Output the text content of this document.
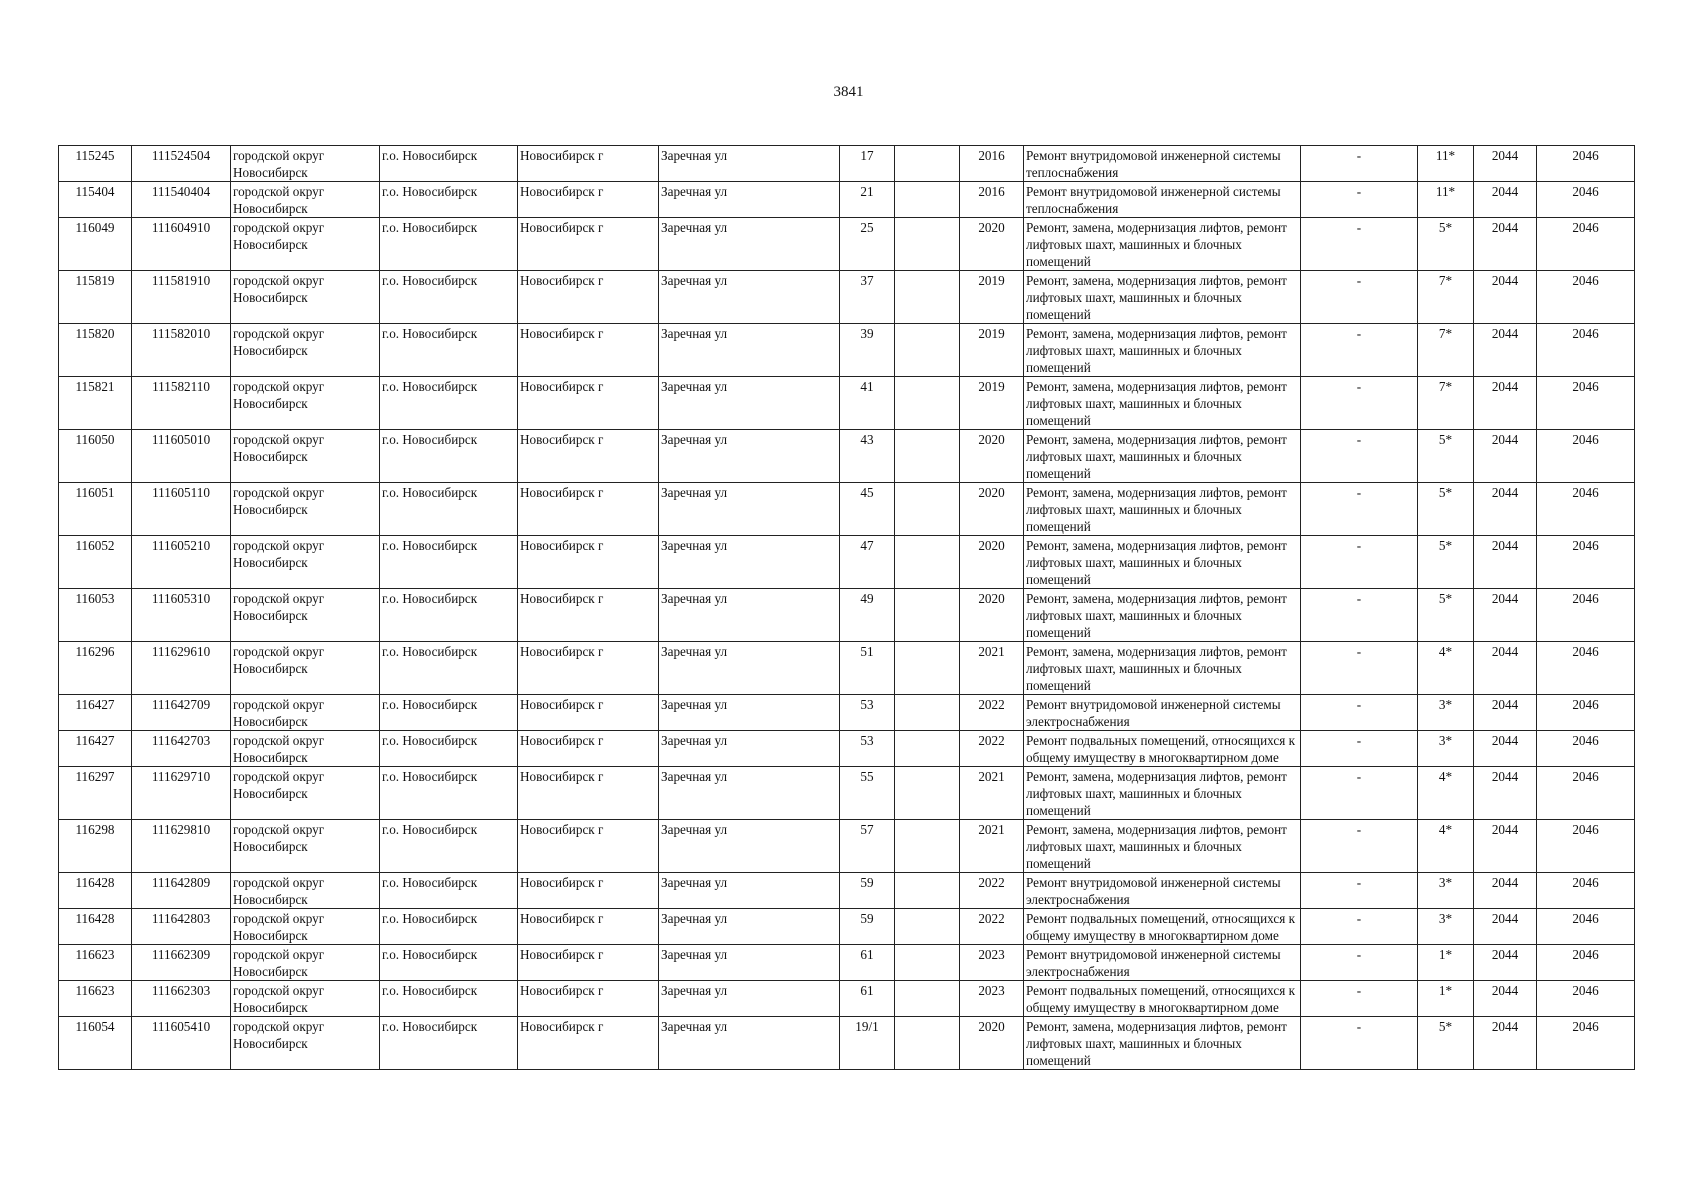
3841
115245	111524504	городской округ Новосибирск	г.о. Новосибирск	Новосибирск г	Заречная ул	17		2016	Ремонт внутридомовой инженерной системы теплоснабжения	-	11*	2044	2046
115404	111540404	городской округ Новосибирск	г.о. Новосибирск	Новосибирск г	Заречная ул	21		2016	Ремонт внутридомовой инженерной системы теплоснабжения	-	11*	2044	2046
116049	111604910	городской округ Новосибирск	г.о. Новосибирск	Новосибирск г	Заречная ул	25		2020	Ремонт, замена, модернизация лифтов, ремонт лифтовых шахт, машинных и блочных помещений	-	5*	2044	2046
115819	111581910	городской округ Новосибирск	г.о. Новосибирск	Новосибирск г	Заречная ул	37		2019	Ремонт, замена, модернизация лифтов, ремонт лифтовых шахт, машинных и блочных помещений	-	7*	2044	2046
115820	111582010	городской округ Новосибирск	г.о. Новосибирск	Новосибирск г	Заречная ул	39		2019	Ремонт, замена, модернизация лифтов, ремонт лифтовых шахт, машинных и блочных помещений	-	7*	2044	2046
115821	111582110	городской округ Новосибирск	г.о. Новосибирск	Новосибирск г	Заречная ул	41		2019	Ремонт, замена, модернизация лифтов, ремонт лифтовых шахт, машинных и блочных помещений	-	7*	2044	2046
116050	111605010	городской округ Новосибирск	г.о. Новосибирск	Новосибирск г	Заречная ул	43		2020	Ремонт, замена, модернизация лифтов, ремонт лифтовых шахт, машинных и блочных помещений	-	5*	2044	2046
116051	111605110	городской округ Новосибирск	г.о. Новосибирск	Новосибирск г	Заречная ул	45		2020	Ремонт, замена, модернизация лифтов, ремонт лифтовых шахт, машинных и блочных помещений	-	5*	2044	2046
116052	111605210	городской округ Новосибирск	г.о. Новосибирск	Новосибирск г	Заречная ул	47		2020	Ремонт, замена, модернизация лифтов, ремонт лифтовых шахт, машинных и блочных помещений	-	5*	2044	2046
116053	111605310	городской округ Новосибирск	г.о. Новосибирск	Новосибирск г	Заречная ул	49		2020	Ремонт, замена, модернизация лифтов, ремонт лифтовых шахт, машинных и блочных помещений	-	5*	2044	2046
116296	111629610	городской округ Новосибирск	г.о. Новосибирск	Новосибирск г	Заречная ул	51		2021	Ремонт, замена, модернизация лифтов, ремонт лифтовых шахт, машинных и блочных помещений	-	4*	2044	2046
116427	111642709	городской округ Новосибирск	г.о. Новосибирск	Новосибирск г	Заречная ул	53		2022	Ремонт внутридомовой инженерной системы электроснабжения	-	3*	2044	2046
116427	111642703	городской округ Новосибирск	г.о. Новосибирск	Новосибирск г	Заречная ул	53		2022	Ремонт подвальных помещений, относящихся к общему имуществу в многоквартирном доме	-	3*	2044	2046
116297	111629710	городской округ Новосибирск	г.о. Новосибирск	Новосибирск г	Заречная ул	55		2021	Ремонт, замена, модернизация лифтов, ремонт лифтовых шахт, машинных и блочных помещений	-	4*	2044	2046
116298	111629810	городской округ Новосибирск	г.о. Новосибирск	Новосибирск г	Заречная ул	57		2021	Ремонт, замена, модернизация лифтов, ремонт лифтовых шахт, машинных и блочных помещений	-	4*	2044	2046
116428	111642809	городской округ Новосибирск	г.о. Новосибирск	Новосибирск г	Заречная ул	59		2022	Ремонт внутридомовой инженерной системы электроснабжения	-	3*	2044	2046
116428	111642803	городской округ Новосибирск	г.о. Новосибирск	Новосибирск г	Заречная ул	59		2022	Ремонт подвальных помещений, относящихся к общему имуществу в многоквартирном доме	-	3*	2044	2046
116623	111662309	городской округ Новосибирск	г.о. Новосибирск	Новосибирск г	Заречная ул	61		2023	Ремонт внутридомовой инженерной системы электроснабжения	-	1*	2044	2046
116623	111662303	городской округ Новосибирск	г.о. Новосибирск	Новосибирск г	Заречная ул	61		2023	Ремонт подвальных помещений, относящихся к общему имуществу в многоквартирном доме	-	1*	2044	2046
116054	111605410	городской округ Новосибирск	г.о. Новосибирск	Новосибирск г	Заречная ул	19/1		2020	Ремонт, замена, модернизация лифтов, ремонт лифтовых шахт, машинных и блочных помещений	-	5*	2044	2046
